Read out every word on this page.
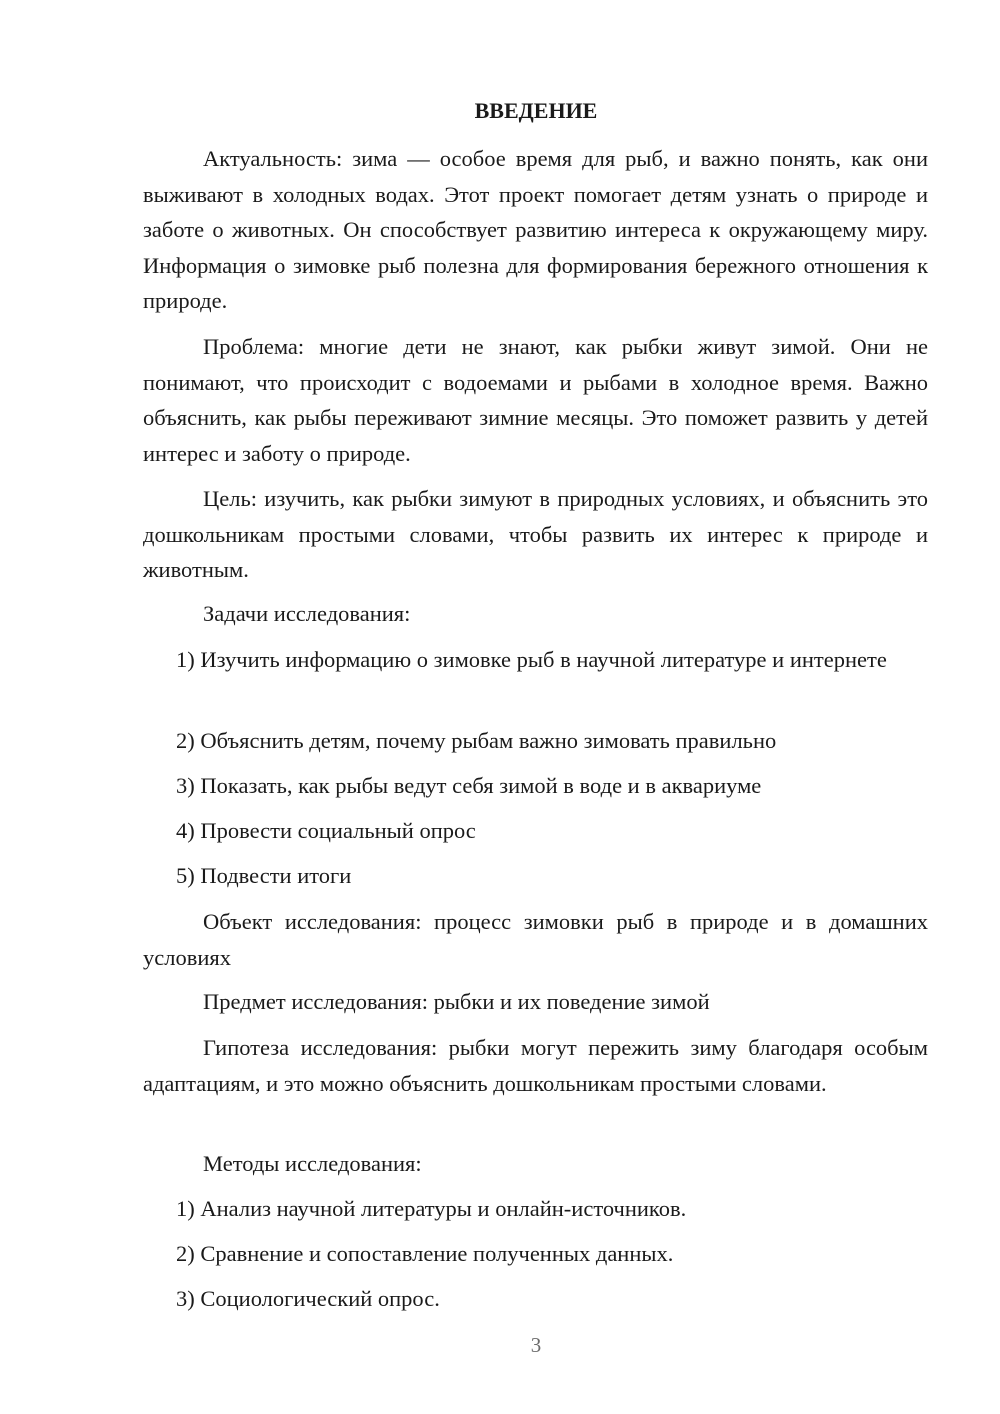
ВВЕДЕНИЕ

Актуальность: зима — особое время для рыб, и важно понять, как они выживают в холодных водах. Этот проект помогает детям узнать о природе и заботе о животных. Он способствует развитию интереса к окружающему миру. Информация о зимовке рыб полезна для формирования бережного отношения к природе.

Проблема: многие дети не знают, как рыбки живут зимой. Они не понимают, что происходит с водоемами и рыбами в холодное время. Важно объяснить, как рыбы переживают зимние месяцы. Это поможет развить у детей интерес и заботу о природе.

Цель: изучить, как рыбки зимуют в природных условиях, и объяснить это дошкольникам простыми словами, чтобы развить их интерес к природе и животным.

Задачи исследования:

1) Изучить информацию о зимовке рыб в научной литературе и интернете

2) Объяснить детям, почему рыбам важно зимовать правильно

3) Показать, как рыбы ведут себя зимой в воде и в аквариуме

4) Провести социальный опрос

5) Подвести итоги

Объект исследования: процесс зимовки рыб в природе и в домашних условиях

Предмет исследования: рыбки и их поведение зимой

Гипотеза исследования: рыбки могут пережить зиму благодаря особым адаптациям, и это можно объяснить дошкольникам простыми словами.

Методы исследования:

1) Анализ научной литературы и онлайн-источников.

2) Сравнение и сопоставление полученных данных.

3) Социологический опрос.

3
